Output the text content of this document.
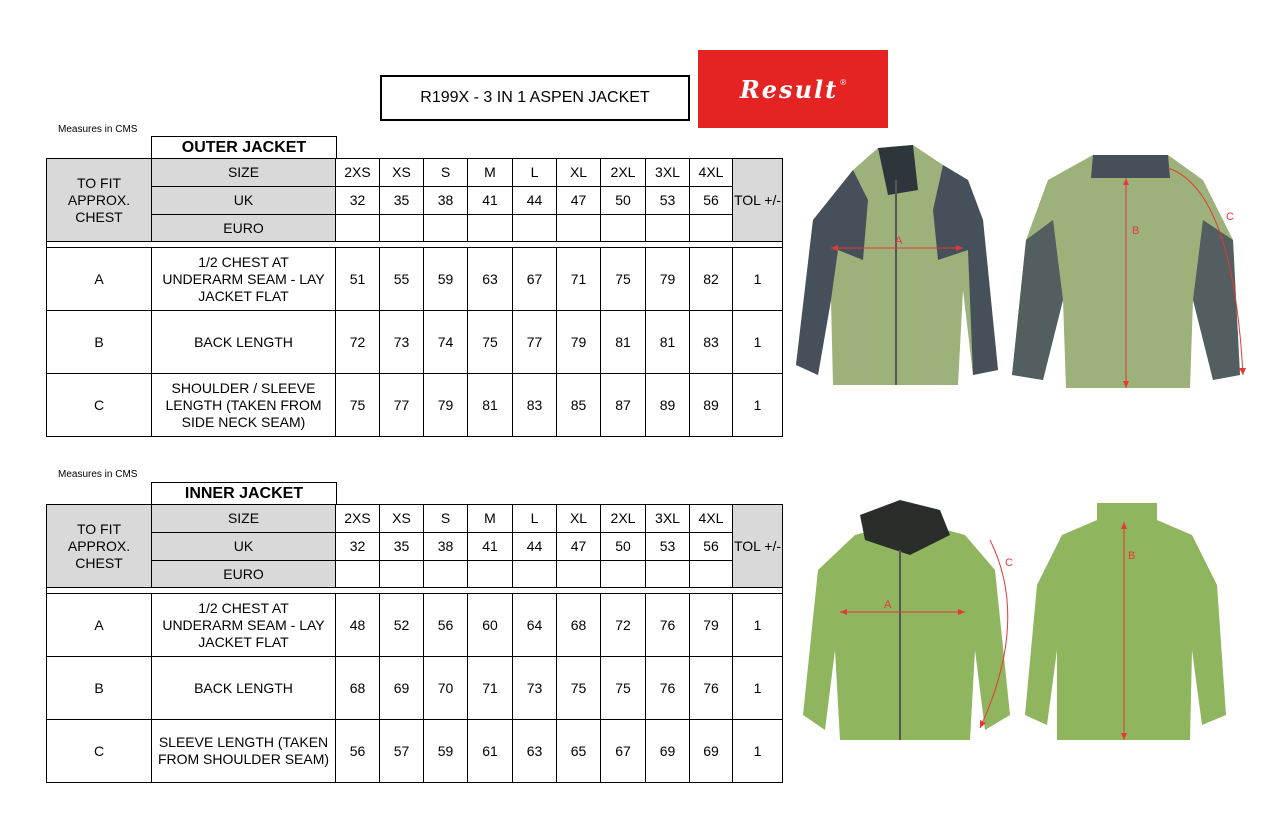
R199X - 3 IN 1 ASPEN JACKET	Result ®
Measures in CMS
OUTER JACKET
TO FIT APPROX. CHEST	SIZE	2XS	XS	S	M	L	XL	2XL	3XL	4XL	TOL +/-
	UK	32	35	38	41	44	47	50	53	56	
	EURO										

A	1/2 CHEST AT UNDERARM SEAM - LAY JACKET FLAT	51	55	59	63	67	71	75	79	82	1
B	BACK LENGTH	72	73	74	75	77	79	81	81	83	1
C	SHOULDER / SLEEVE LENGTH (TAKEN FROM SIDE NECK SEAM)	75	77	79	81	83	85	87	89	89	1
Measures in CMS
INNER JACKET
TO FIT APPROX. CHEST	SIZE	2XS	XS	S	M	L	XL	2XL	3XL	4XL	TOL +/-
	UK	32	35	38	41	44	47	50	53	56	
	EURO										

A	1/2 CHEST AT UNDERARM SEAM - LAY JACKET FLAT	48	52	56	60	64	68	72	76	79	1
B	BACK LENGTH	68	69	70	71	73	75	75	76	76	1
C	SLEEVE LENGTH (TAKEN FROM SHOULDER SEAM)	56	57	59	61	63	65	67	69	69	1
A
B
C
A
C
B
